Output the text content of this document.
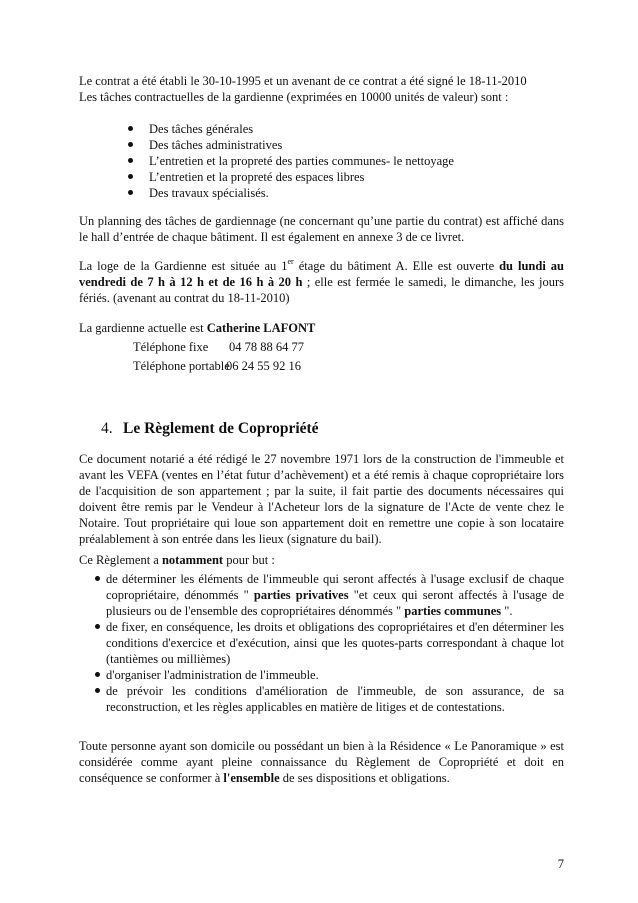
Le contrat a été établi le 30-10-1995 et un avenant de ce contrat a été signé le 18-11-2010
Les tâches contractuelles de la gardienne (exprimées en 10000 unités de valeur) sont :
Des tâches générales
Des tâches administratives
L’entretien et la propreté des parties communes- le nettoyage
L’entretien et la propreté des espaces libres
Des travaux spécialisés.

Un planning des tâches de gardiennage (ne concernant qu’une partie du contrat) est affiché dans le hall d’entrée de chaque bâtiment. Il est également en annexe 3 de ce livret.

La loge de la Gardienne est située au 1er étage du bâtiment A. Elle est ouverte du lundi au vendredi de 7 h à 12 h et de 16 h à 20 h ; elle est fermée le samedi, le dimanche, les jours fériés. (avenant au contrat du 18-11-2010)

La gardienne actuelle est Catherine LAFONT
Téléphone fixe 04 78 88 64 77
Téléphone portable
06 24 55 92 16
4. Le Règlement de Copropriété

Ce document notarié a été rédigé le 27 novembre 1971 lors de la construction de l'immeuble et avant les VEFA (ventes en l’état futur d’achèvement) et a été remis à chaque copropriétaire lors de l'acquisition de son appartement ; par la suite, il fait partie des documents nécessaires qui doivent être remis par le Vendeur à l'Acheteur lors de la signature de l'Acte de vente chez le Notaire. Tout propriétaire qui loue son appartement doit en remettre une copie à son locataire préalablement à son entrée dans les lieux (signature du bail).

Ce Règlement a notamment pour but :

de déterminer les éléments de l'immeuble qui seront affectés à l'usage exclusif de chaque copropriétaire, dénommés " parties privatives "et ceux qui seront affectés à l'usage de plusieurs ou de l'ensemble des copropriétaires dénommés " parties communes ".
de fixer, en conséquence, les droits et obligations des copropriétaires et d'en déterminer les conditions d'exercice et d'exécution, ainsi que les quotes-parts correspondant à chaque lot (tantièmes ou millièmes)
d'organiser l'administration de l'immeuble.
de prévoir les conditions d'amélioration de l'immeuble, de son assurance, de sa reconstruction, et les règles applicables en matière de litiges et de contestations.

Toute personne ayant son domicile ou possédant un bien à la Résidence « Le Panoramique » est considérée comme ayant pleine connaissance du Règlement de Copropriété et doit en conséquence se conformer à l'ensemble de ses dispositions et obligations.

7
